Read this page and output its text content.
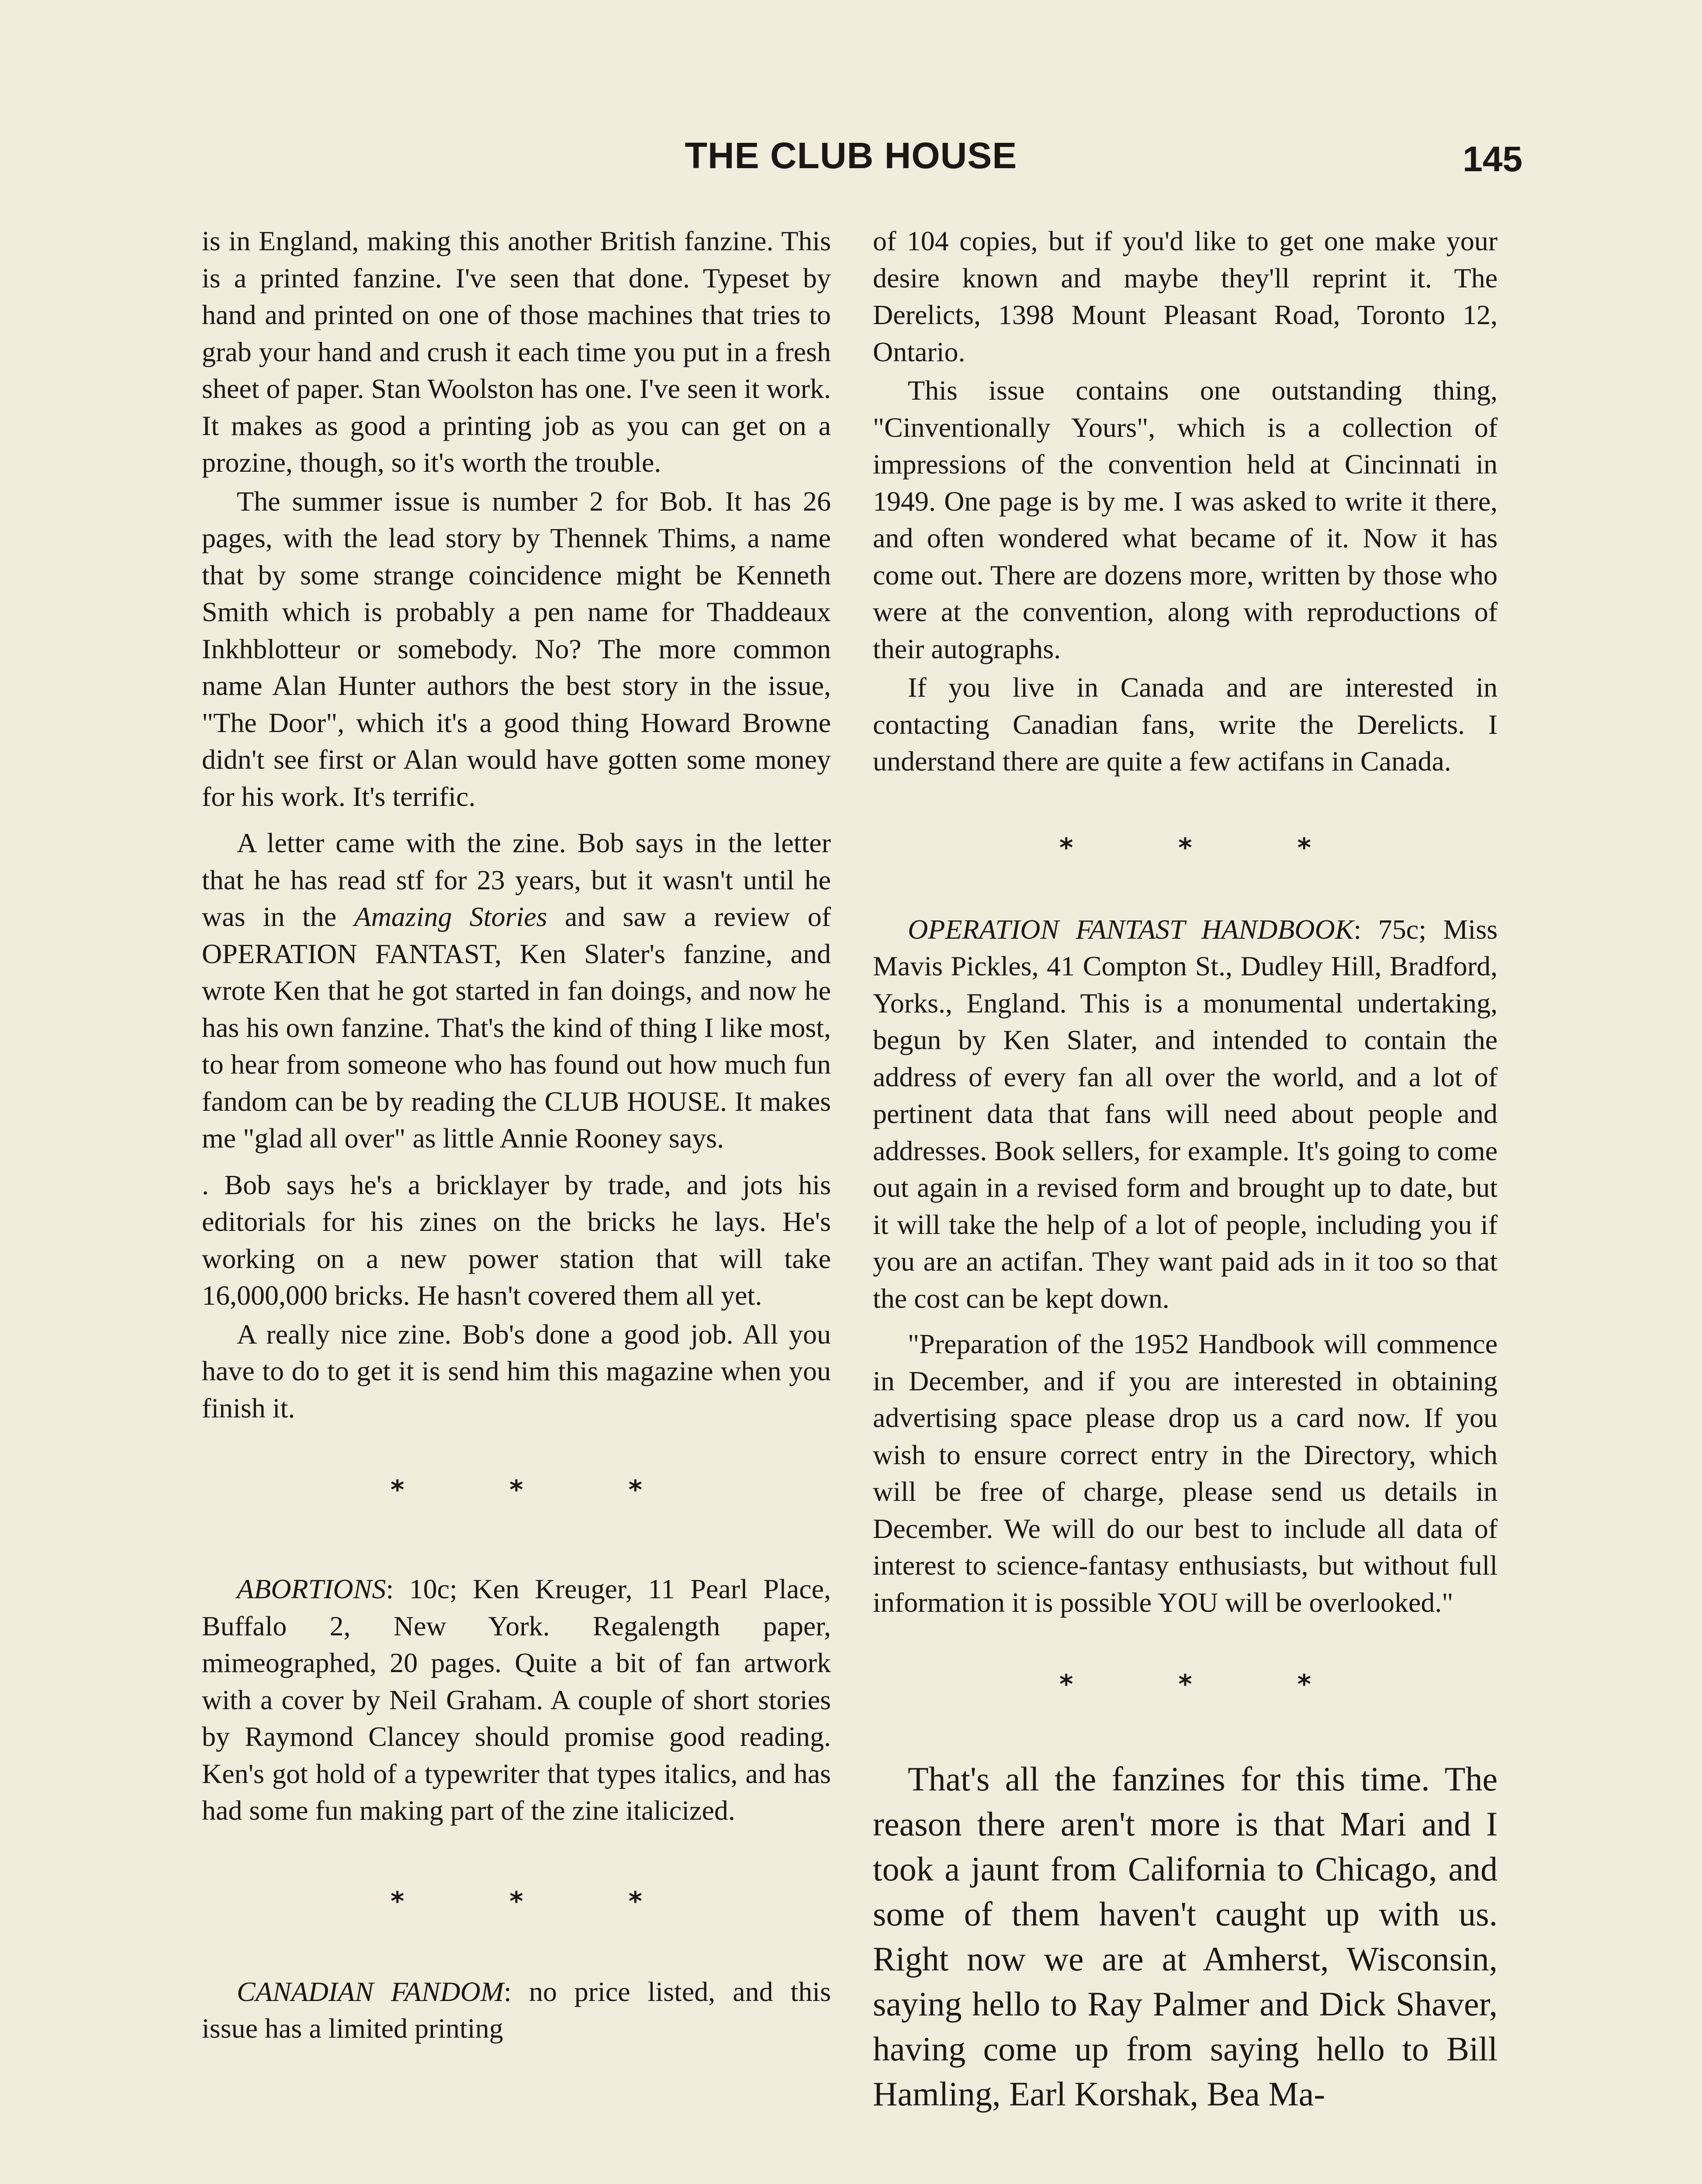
THE CLUB HOUSE	145

is in England, making this another British fanzine. This is a printed fanzine. I've seen that done. Typeset by hand and printed on one of those machines that tries to grab your hand and crush it each time you put in a fresh sheet of paper. Stan Woolston has one. I've seen it work. It makes as good a printing job as you can get on a prozine, though, so it's worth the trouble.

The summer issue is number 2 for Bob. It has 26 pages, with the lead story by Thennek Thims, a name that by some strange coincidence might be Kenneth Smith which is probably a pen name for Thaddeaux Inkhblotteur or somebody. No? The more common name Alan Hunter authors the best story in the issue, "The Door", which it's a good thing Howard Browne didn't see first or Alan would have gotten some money for his work. It's terrific.

A letter came with the zine. Bob says in the letter that he has read stf for 23 years, but it wasn't until he was in the Amazing Stories and saw a review of OPERATION FANTAST, Ken Slater's fanzine, and wrote Ken that he got started in fan doings, and now he has his own fanzine. That's the kind of thing I like most, to hear from someone who has found out how much fun fandom can be by reading the CLUB HOUSE. It makes me "glad all over" as little Annie Rooney says.

. Bob says he's a bricklayer by trade, and jots his editorials for his zines on the bricks he lays. He's working on a new power station that will take 16,000,000 bricks. He hasn't covered them all yet.

A really nice zine. Bob's done a good job. All you have to do to get it is send him this magazine when you finish it.

* * *

ABORTIONS: 10c; Ken Kreuger, 11 Pearl Place, Buffalo 2, New York. Regalength paper, mimeographed, 20 pages. Quite a bit of fan artwork with a cover by Neil Graham. A couple of short stories by Raymond Clancey should promise good reading. Ken's got hold of a typewriter that types italics, and has had some fun making part of the zine italicized.

* * *

CANADIAN FANDOM: no price listed, and this issue has a limited printing

of 104 copies, but if you'd like to get one make your desire known and maybe they'll reprint it. The Derelicts, 1398 Mount Pleasant Road, Toronto 12, Ontario.

This issue contains one outstanding thing, "Cinventionally Yours", which is a collection of impressions of the convention held at Cincinnati in 1949. One page is by me. I was asked to write it there, and often wondered what became of it. Now it has come out. There are dozens more, written by those who were at the convention, along with reproductions of their autographs.

If you live in Canada and are interested in contacting Canadian fans, write the Derelicts. I understand there are quite a few actifans in Canada.

* * *

OPERATION FANTAST HANDBOOK: 75c; Miss Mavis Pickles, 41 Compton St., Dudley Hill, Bradford, Yorks., England. This is a monumental undertaking, begun by Ken Slater, and intended to contain the address of every fan all over the world, and a lot of pertinent data that fans will need about people and addresses. Book sellers, for example. It's going to come out again in a revised form and brought up to date, but it will take the help of a lot of people, including you if you are an actifan. They want paid ads in it too so that the cost can be kept down.

"Preparation of the 1952 Handbook will commence in December, and if you are interested in obtaining advertising space please drop us a card now. If you wish to ensure correct entry in the Directory, which will be free of charge, please send us details in December. We will do our best to include all data of interest to science-fantasy enthusiasts, but without full information it is possible YOU will be overlooked."

* * *

That's all the fanzines for this time. The reason there aren't more is that Mari and I took a jaunt from California to Chicago, and some of them haven't caught up with us. Right now we are at Amherst, Wisconsin, saying hello to Ray Palmer and Dick Shaver, having come up from saying hello to Bill Hamling, Earl Korshak, Bea Ma-
